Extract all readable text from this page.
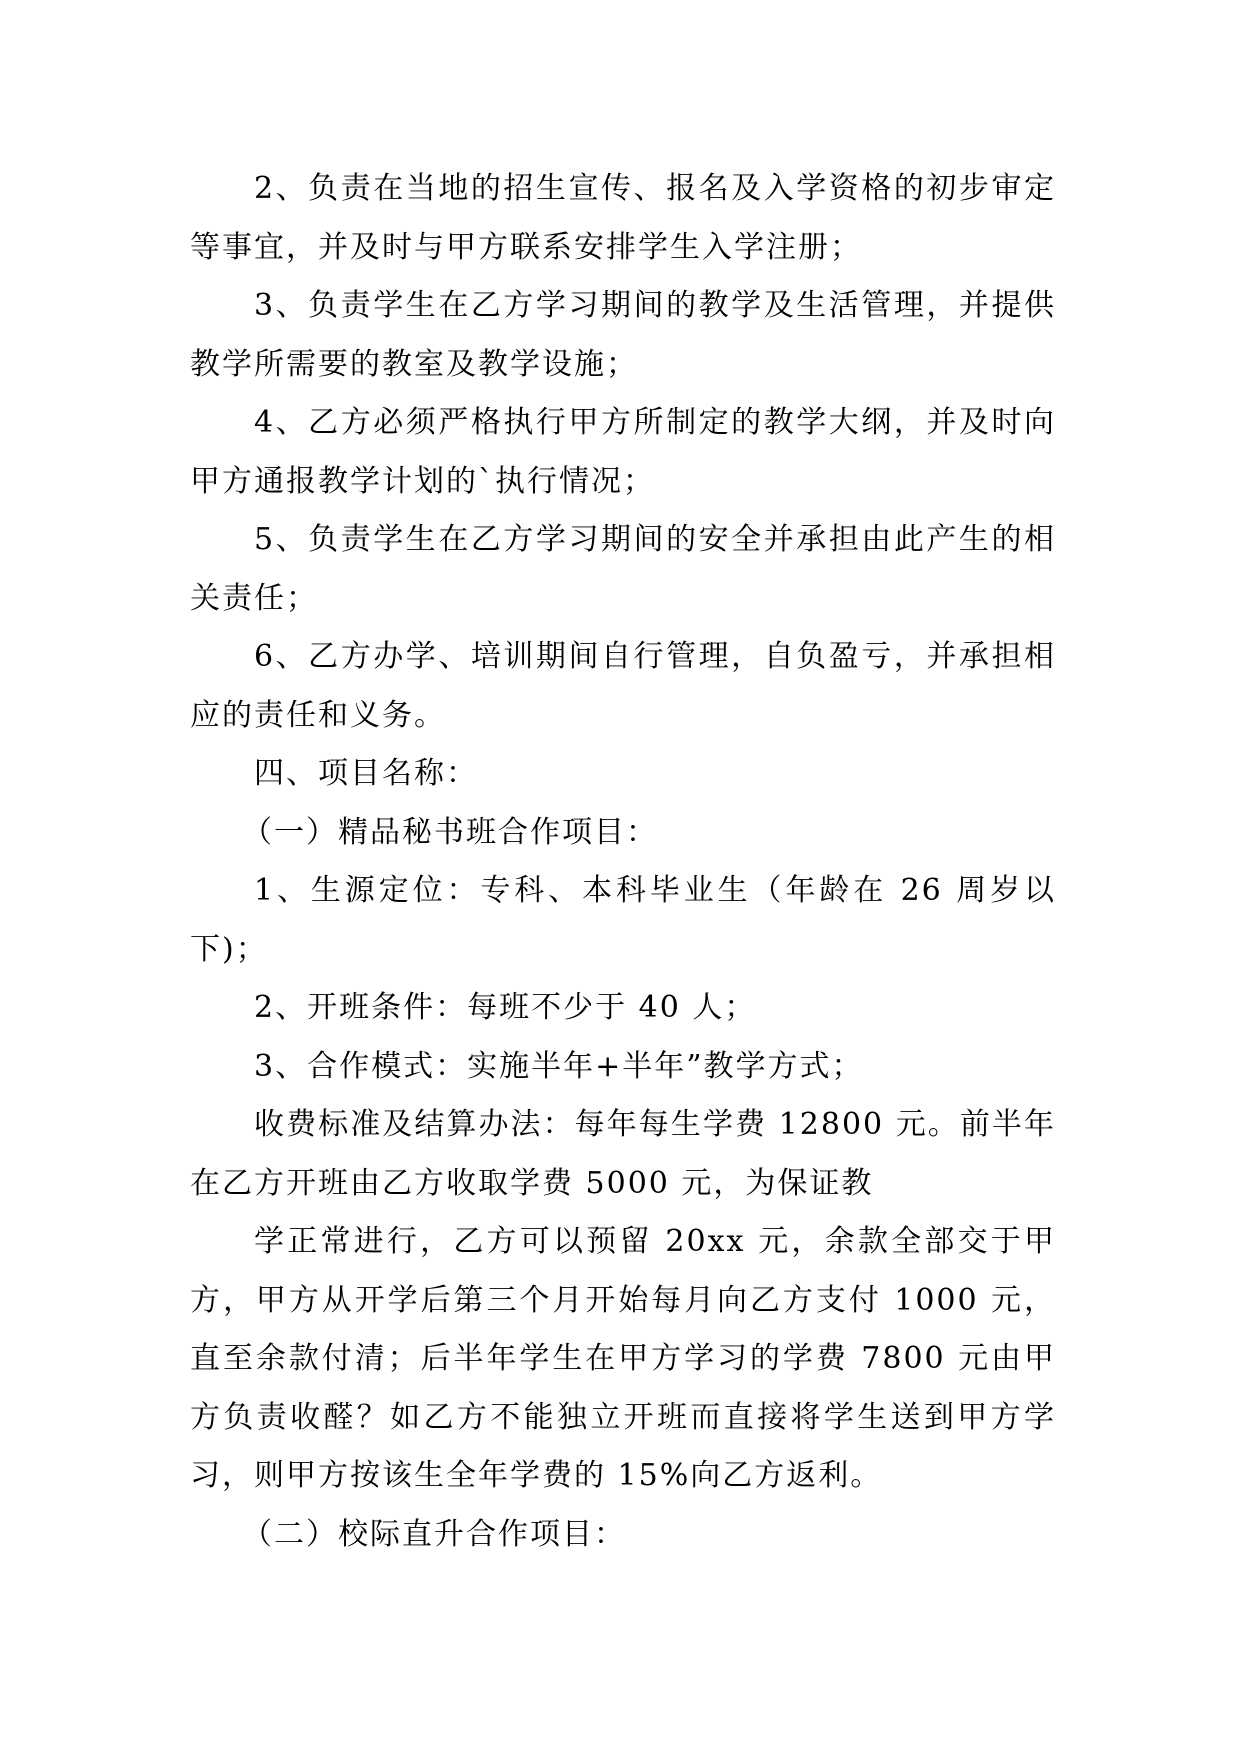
2、负责在当地的招生宣传、报名及入学资格的初步审定等事宜，并及时与甲方联系安排学生入学注册；

3、负责学生在乙方学习期间的教学及生活管理，并提供教学所需要的教室及教学设施；

4、乙方必须严格执行甲方所制定的教学大纲，并及时向甲方通报教学计划的`执行情况；

5、负责学生在乙方学习期间的安全并承担由此产生的相关责任；

6、乙方办学、培训期间自行管理，自负盈亏，并承担相应的责任和义务。

四、项目名称：

（一）精品秘书班合作项目：

1、生源定位：专科、本科毕业生（年龄在 26 周岁以下)；

2、开班条件：每班不少于 40 人；

3、合作模式：实施半年+半年”教学方式；

收费标准及结算办法：每年每生学费 12800 元。前半年在乙方开班由乙方收取学费 5000 元，为保证教

学正常进行，乙方可以预留 20xx 元，余款全部交于甲方，甲方从开学后第三个月开始每月向乙方支付 1000 元，直至余款付清；后半年学生在甲方学习的学费 7800 元由甲方负责收醛？如乙方不能独立开班而直接将学生送到甲方学习，则甲方按该生全年学费的 15%向乙方返利。

（二）校际直升合作项目：
